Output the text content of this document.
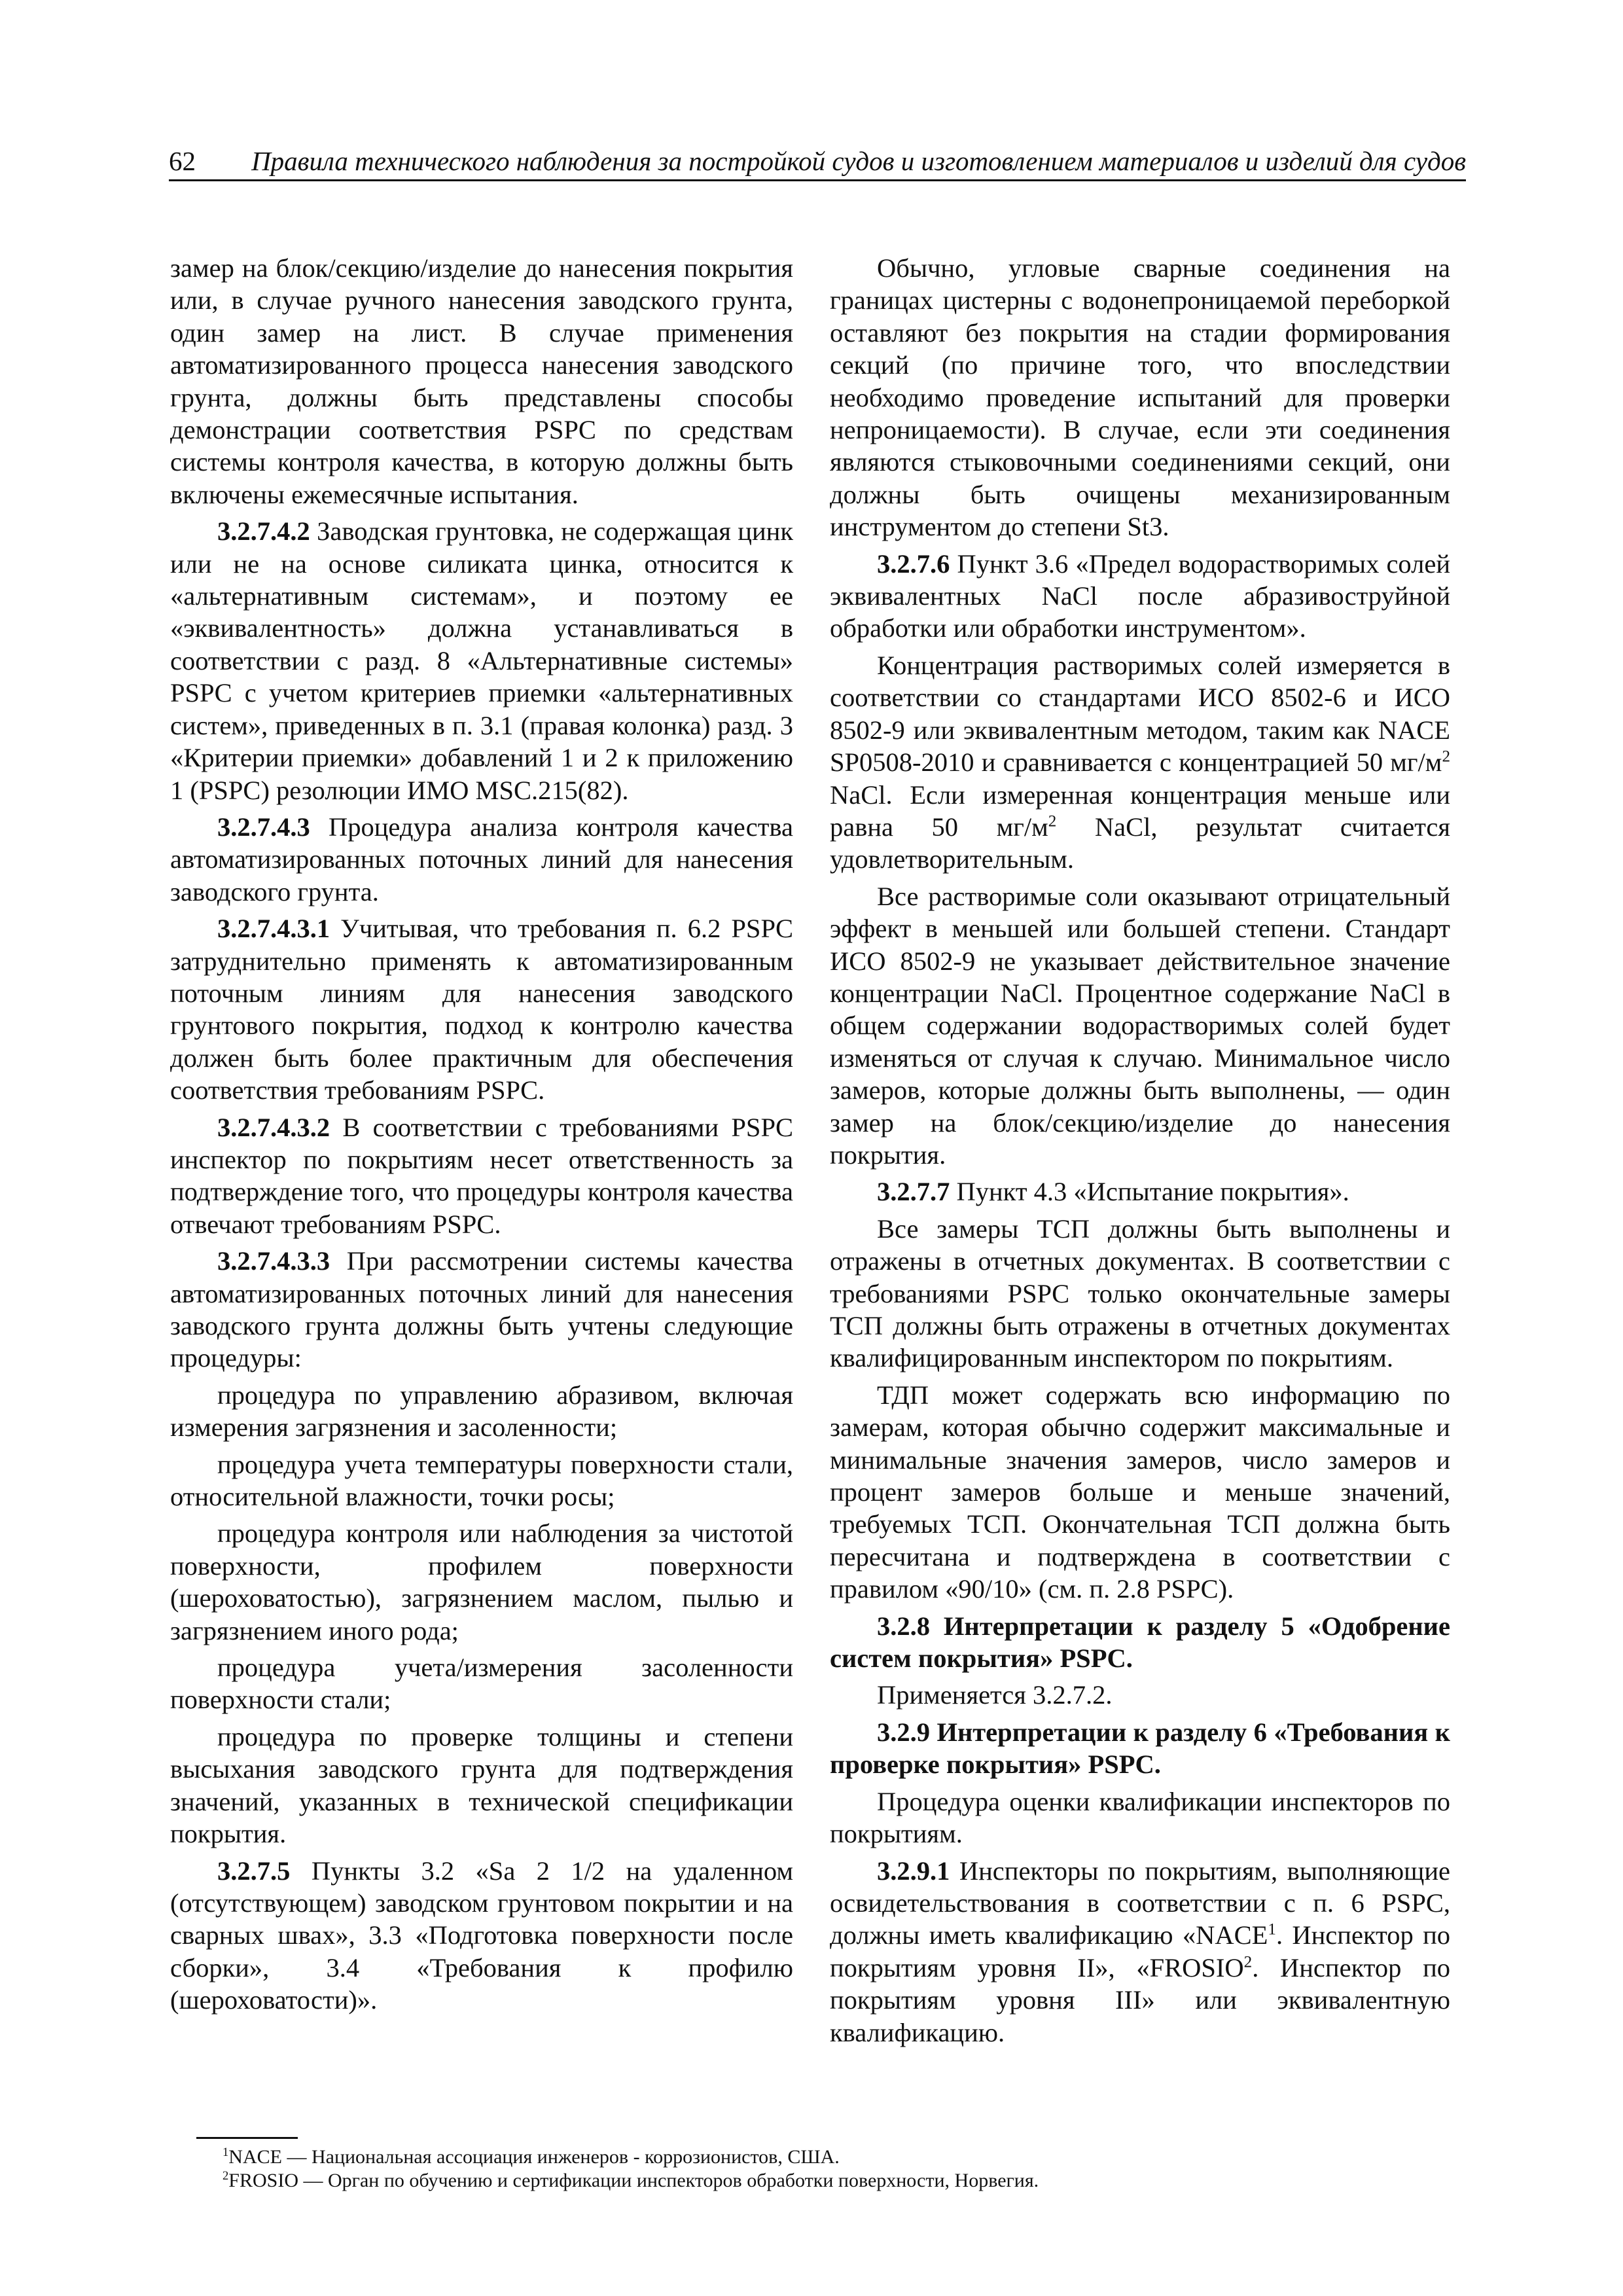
62 Правила технического наблюдения за постройкой судов и изготовлением материалов и изделий для судов

замер на блок/секцию/изделие до нанесения покрытия или, в случае ручного нанесения заводского грунта, один замер на лист. В случае применения автоматизированного процесса нанесения заводского грунта, должны быть представлены способы демонстрации соответствия PSPC по средствам системы контроля качества, в которую должны быть включены ежемесячные испытания.

3.2.7.4.2 Заводская грунтовка, не содержащая цинк или не на основе силиката цинка, относится к «альтернативным системам», и поэтому ее «эквивалентность» должна устанавливаться в соответствии с разд. 8 «Альтернативные системы» PSPC с учетом критериев приемки «альтернативных систем», приведенных в п. 3.1 (правая колонка) разд. 3 «Критерии приемки» добавлений 1 и 2 к приложению 1 (PSPC) резолюции ИМО MSC.215(82).

3.2.7.4.3 Процедура анализа контроля качества автоматизированных поточных линий для нанесения заводского грунта.

3.2.7.4.3.1 Учитывая, что требования п. 6.2 PSPC затруднительно применять к автоматизированным поточным линиям для нанесения заводского грунтового покрытия, подход к контролю качества должен быть более практичным для обеспечения соответствия требованиям PSPC.

3.2.7.4.3.2 В соответствии с требованиями PSPC инспектор по покрытиям несет ответственность за подтверждение того, что процедуры контроля качества отвечают требованиям PSPC.

3.2.7.4.3.3 При рассмотрении системы качества автоматизированных поточных линий для нанесения заводского грунта должны быть учтены следующие процедуры:

процедура по управлению абразивом, включая измерения загрязнения и засоленности;

процедура учета температуры поверхности стали, относительной влажности, точки росы;

процедура контроля или наблюдения за чистотой поверхности, профилем поверхности (шероховатостью), загрязнением маслом, пылью и загрязнением иного рода;

процедура учета/измерения засоленности поверхности стали;

процедура по проверке толщины и степени высыхания заводского грунта для подтверждения значений, указанных в технической спецификации покрытия.

3.2.7.5 Пункты 3.2 «Sa 2 1/2 на удаленном (отсутствующем) заводском грунтовом покрытии и на сварных швах», 3.3 «Подготовка поверхности после сборки», 3.4 «Требования к профилю (шероховатости)».

Обычно, угловые сварные соединения на границах цистерны с водонепроницаемой переборкой оставляют без покрытия на стадии формирования секций (по причине того, что впоследствии необходимо проведение испытаний для проверки непроницаемости). В случае, если эти соединения являются стыковочными соединениями секций, они должны быть очищены механизированным инструментом до степени St3.

3.2.7.6 Пункт 3.6 «Предел водорастворимых солей эквивалентных NaCl после абразивоструйной обработки или обработки инструментом».

Концентрация растворимых солей измеряется в соответствии со стандартами ИСО 8502-6 и ИСО 8502-9 или эквивалентным методом, таким как NACE SP0508-2010 и сравнивается с концентрацией 50 $мг/м^2$ NaCl. Если измеренная концентрация меньше или равна 50 $мг/м^2$ NaCl, результат считается удовлетворительным.

Все растворимые соли оказывают отрицательный эффект в меньшей или большей степени. Стандарт ИСО 8502-9 не указывает действительное значение концентрации NaCl. Процентное содержание NaCl в общем содержании водорастворимых солей будет изменяться от случая к случаю. Минимальное число замеров, которые должны быть выполнены, — один замер на блок/секцию/изделие до нанесения покрытия.

3.2.7.7 Пункт 4.3 «Испытание покрытия».

Все замеры ТСП должны быть выполнены и отражены в отчетных документах. В соответствии с требованиями PSPC только окончательные замеры ТСП должны быть отражены в отчетных документах квалифицированным инспектором по покрытиям.

ТДП может содержать всю информацию по замерам, которая обычно содержит максимальные и минимальные значения замеров, число замеров и процент замеров больше и меньше значений, требуемых ТСП. Окончательная ТСП должна быть пересчитана и подтверждена в соответствии с правилом «90/10» (см. п. 2.8 PSPC).

3.2.8 Интерпретации к разделу 5 «Одобрение систем покрытия» PSPC.

Применяется 3.2.7.2.

3.2.9 Интерпретации к разделу 6 «Требования к проверке покрытия» PSPC.

Процедура оценки квалификации инспекторов по покрытиям.

3.2.9.1 Инспекторы по покрытиям, выполняющие освидетельствования в соответствии с п. 6 PSPC, должны иметь квалификацию «NACE$^1$. Инспектор по покрытиям уровня II», «FROSIO$^2$. Инспектор по покрытиям уровня III» или эквивалентную квалификацию.

$^1$NACE — Национальная ассоциация инженеров - коррозионистов, США.
$^2$FROSIO — Орган по обучению и сертификации инспекторов обработки поверхности, Норвегия.
